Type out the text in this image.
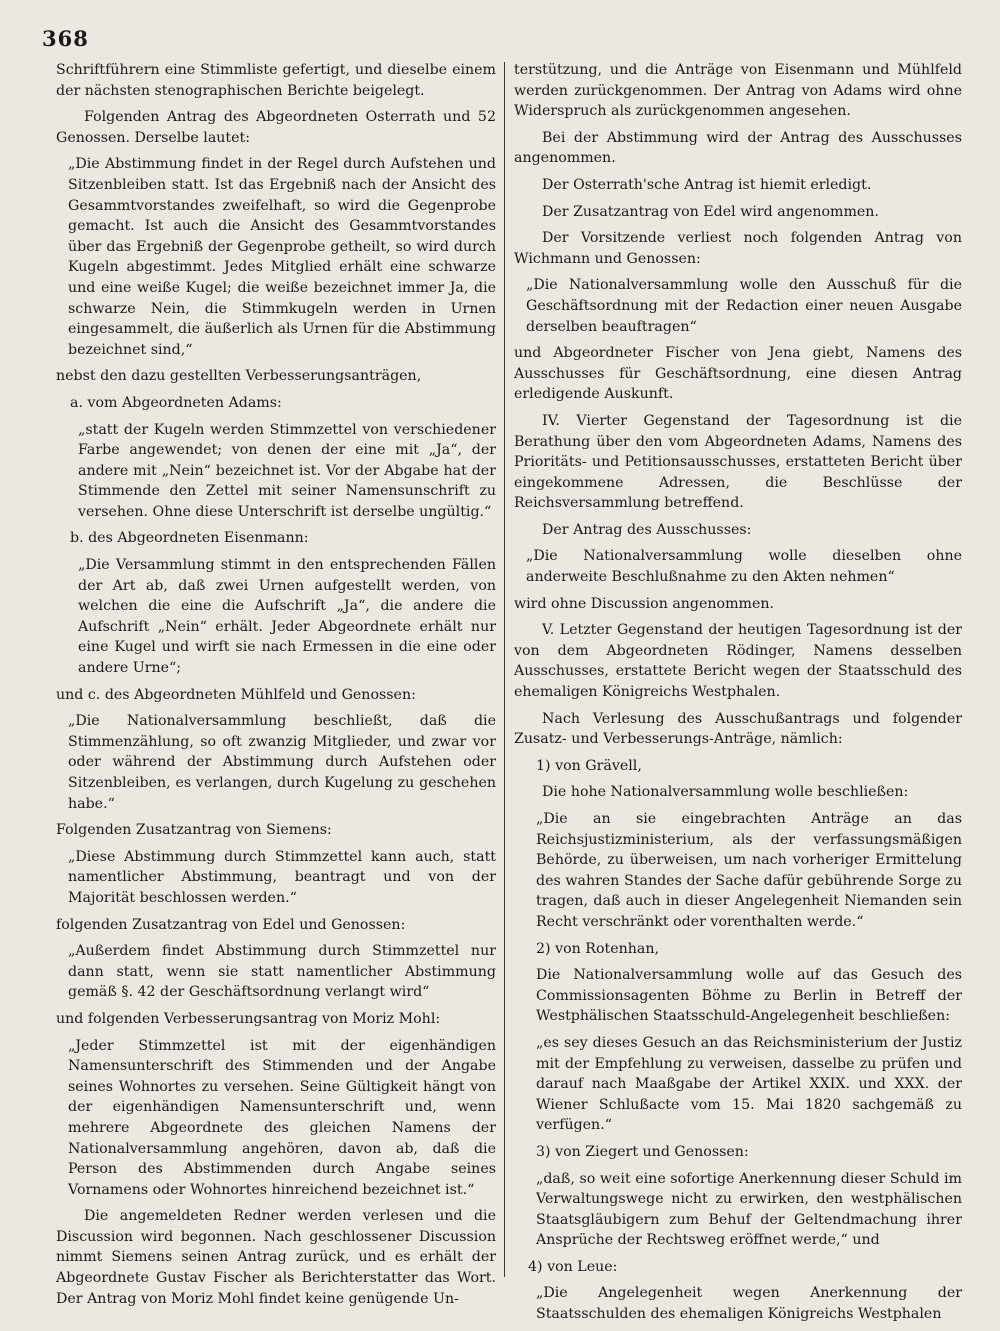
368

Schriftführern eine Stimmliste gefertigt, und dieselbe einem der nächsten stenographischen Berichte beigelegt.

Folgenden Antrag des Abgeordneten Osterrath und 52 Genossen. Derselbe lautet:

„Die Abstimmung findet in der Regel durch Aufstehen und Sitzenbleiben statt. Ist das Ergebniß nach der Ansicht des Gesammtvorstandes zweifelhaft, so wird die Gegenprobe gemacht. Ist auch die Ansicht des Gesammtvorstandes über das Ergebniß der Gegenprobe getheilt, so wird durch Kugeln abgestimmt. Jedes Mitglied erhält eine schwarze und eine weiße Kugel; die weiße bezeichnet immer Ja, die schwarze Nein, die Stimmkugeln werden in Urnen eingesammelt, die äußerlich als Urnen für die Abstimmung bezeichnet sind,“

nebst den dazu gestellten Verbesserungsanträgen,

a. vom Abgeordneten Adams:

„statt der Kugeln werden Stimmzettel von verschiedener Farbe angewendet; von denen der eine mit „Ja“, der andere mit „Nein“ bezeichnet ist. Vor der Abgabe hat der Stimmende den Zettel mit seiner Namensunschrift zu versehen. Ohne diese Unterschrift ist derselbe ungültig.“

b. des Abgeordneten Eisenmann:

„Die Versammlung stimmt in den entsprechenden Fällen der Art ab, daß zwei Urnen aufgestellt werden, von welchen die eine die Aufschrift „Ja“, die andere die Aufschrift „Nein“ erhält. Jeder Abgeordnete erhält nur eine Kugel und wirft sie nach Ermessen in die eine oder andere Urne“;

und c. des Abgeordneten Mühlfeld und Genossen:

„Die Nationalversammlung beschließt, daß die Stimmenzählung, so oft zwanzig Mitglieder, und zwar vor oder während der Abstimmung durch Aufstehen oder Sitzenbleiben, es verlangen, durch Kugelung zu geschehen habe.“

Folgenden Zusatzantrag von Siemens:

„Diese Abstimmung durch Stimmzettel kann auch, statt namentlicher Abstimmung, beantragt und von der Majorität beschlossen werden.“

folgenden Zusatzantrag von Edel und Genossen:

„Außerdem findet Abstimmung durch Stimmzettel nur dann statt, wenn sie statt namentlicher Abstimmung gemäß §. 42 der Geschäftsordnung verlangt wird“

und folgenden Verbesserungsantrag von Moriz Mohl:

„Jeder Stimmzettel ist mit der eigenhändigen Namensunterschrift des Stimmenden und der Angabe seines Wohnortes zu versehen. Seine Gültigkeit hängt von der eigenhändigen Namensunterschrift und, wenn mehrere Abgeordnete des gleichen Namens der Nationalversammlung angehören, davon ab, daß die Person des Abstimmenden durch Angabe seines Vornamens oder Wohnortes hinreichend bezeichnet ist.“

Die angemeldeten Redner werden verlesen und die Discussion wird begonnen. Nach geschlossener Discussion nimmt Siemens seinen Antrag zurück, und es erhält der Abgeordnete Gustav Fischer als Berichterstatter das Wort. Der Antrag von Moriz Mohl findet keine genügende Un-

terstützung, und die Anträge von Eisenmann und Mühlfeld werden zurückgenommen. Der Antrag von Adams wird ohne Widerspruch als zurückgenommen angesehen.

Bei der Abstimmung wird der Antrag des Ausschusses angenommen.

Der Osterrath'sche Antrag ist hiemit erledigt.

Der Zusatzantrag von Edel wird angenommen.

Der Vorsitzende verliest noch folgenden Antrag von Wichmann und Genossen:

„Die Nationalversammlung wolle den Ausschuß für die Geschäftsordnung mit der Redaction einer neuen Ausgabe derselben beauftragen“

und Abgeordneter Fischer von Jena giebt, Namens des Ausschusses für Geschäftsordnung, eine diesen Antrag erledigende Auskunft.

IV. Vierter Gegenstand der Tagesordnung ist die Berathung über den vom Abgeordneten Adams, Namens des Prioritäts- und Petitionsausschusses, erstatteten Bericht über eingekommene Adressen, die Beschlüsse der Reichsversammlung betreffend.

Der Antrag des Ausschusses:

„Die Nationalversammlung wolle dieselben ohne anderweite Beschlußnahme zu den Akten nehmen“

wird ohne Discussion angenommen.

V. Letzter Gegenstand der heutigen Tagesordnung ist der von dem Abgeordneten Rödinger, Namens desselben Ausschusses, erstattete Bericht wegen der Staatsschuld des ehemaligen Königreichs Westphalen.

Nach Verlesung des Ausschußantrags und folgender Zusatz- und Verbesserungs-Anträge, nämlich:

1) von Grävell,

Die hohe Nationalversammlung wolle beschließen:

„Die an sie eingebrachten Anträge an das Reichsjustizministerium, als der verfassungsmäßigen Behörde, zu überweisen, um nach vorheriger Ermittelung des wahren Standes der Sache dafür gebührende Sorge zu tragen, daß auch in dieser Angelegenheit Niemanden sein Recht verschränkt oder vorenthalten werde.“

2) von Rotenhan,

Die Nationalversammlung wolle auf das Gesuch des Commissionsagenten Böhme zu Berlin in Betreff der Westphälischen Staatsschuld-Angelegenheit beschließen:

„es sey dieses Gesuch an das Reichsministerium der Justiz mit der Empfehlung zu verweisen, dasselbe zu prüfen und darauf nach Maaßgabe der Artikel XXIX. und XXX. der Wiener Schlußacte vom 15. Mai 1820 sachgemäß zu verfügen.“

3) von Ziegert und Genossen:

„daß, so weit eine sofortige Anerkennung dieser Schuld im Verwaltungswege nicht zu erwirken, den westphälischen Staatsgläubigern zum Behuf der Geltendmachung ihrer Ansprüche der Rechtsweg eröffnet werde,“ und

4) von Leue:

„Die Angelegenheit wegen Anerkennung der Staatsschulden des ehemaligen Königreichs Westphalen
